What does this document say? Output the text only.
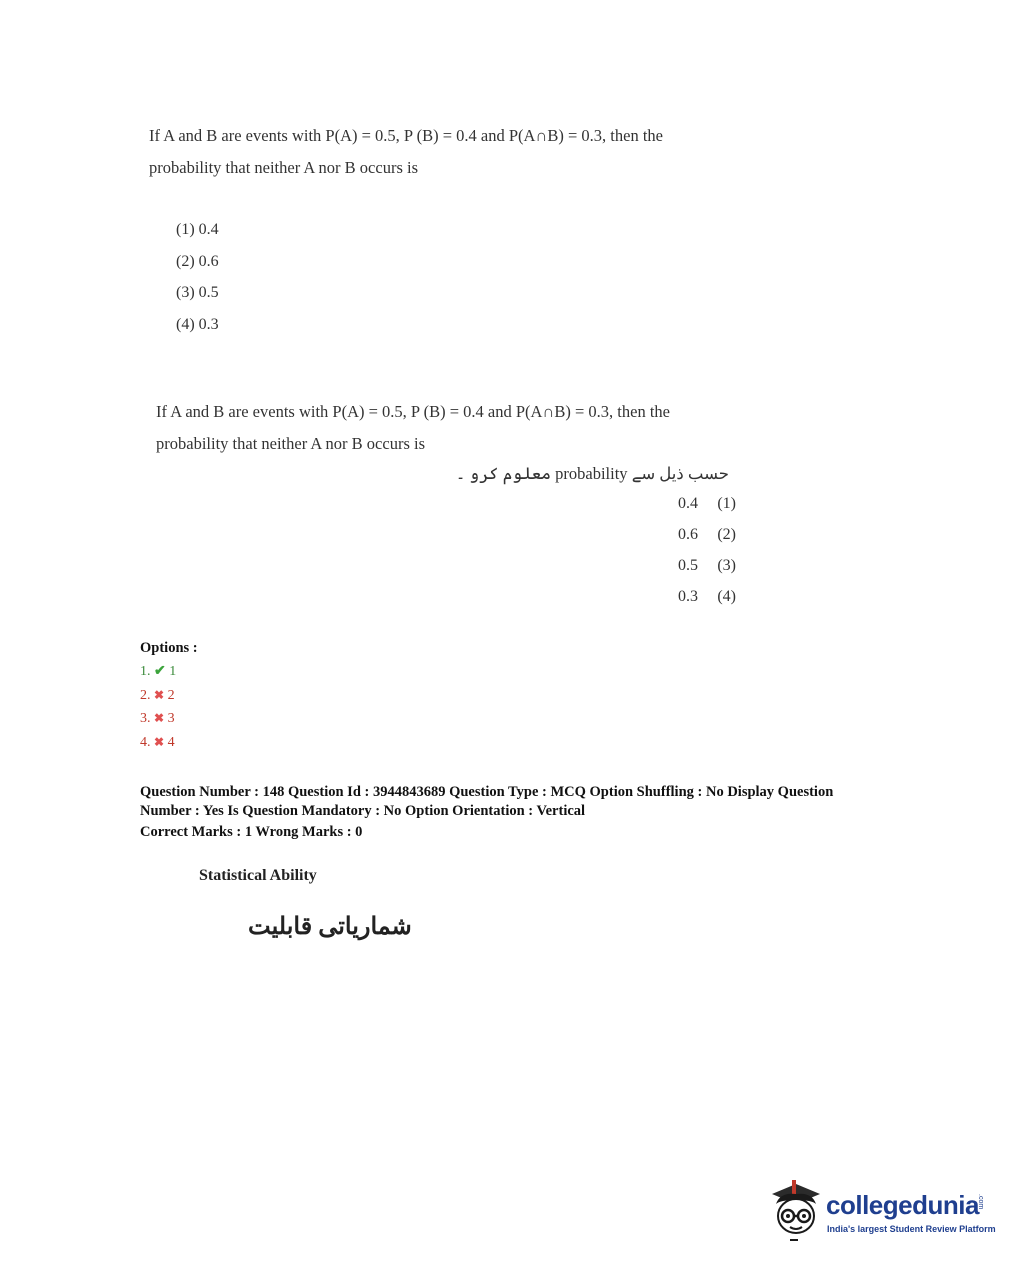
If A and B are events with P(A) = 0.5, P (B) = 0.4 and P(A∩B) = 0.3, then the
probability that neither A nor B occurs is
(1) 0.4
(2) 0.6
(3) 0.5
(4) 0.3
If A and B are events with P(A) = 0.5, P (B) = 0.4 and P(A∩B) = 0.3, then the
probability that neither A nor B occurs is
حسب ذیل سے probability معلوم کرو ۔
0.4 (1)
0.6 (2)
0.5 (3)
0.3 (4)
Options :
1. ✔ 1
2. ✖ 2
3. ✖ 3
4. ✖ 4
Question Number : 148 Question Id : 3944843689 Question Type : MCQ Option Shuffling : No Display Question
Number : Yes Is Question Mandatory : No Option Orientation : Vertical
Correct Marks : 1 Wrong Marks : 0
Statistical Ability
شماریاتی قابلیت
collegedunia
.com
India's largest Student Review Platform
